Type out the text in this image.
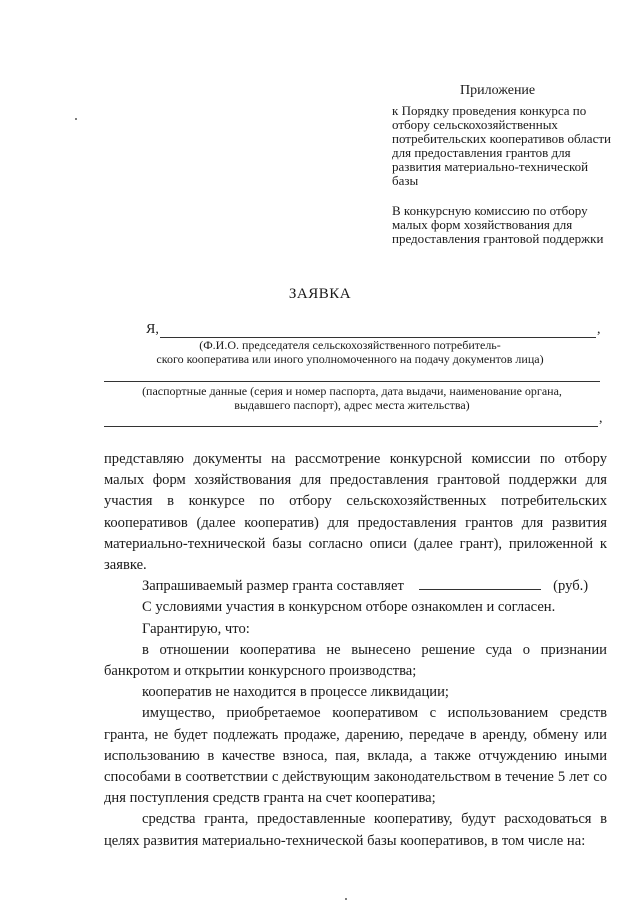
Приложение
к Порядку проведения конкурса по отбору сельскохозяйственных потребительских кооперативов области для предоставления грантов для развития материально-технической базы
В конкурсную комиссию по отбору малых форм хозяйствования для предоставления грантовой поддержки
ЗАЯВКА
Я,	,
(Ф.И.О. председателя сельскохозяйственного потребитель-
ского кооператива или иного уполномоченного на подачу документов лица)
(паспортные данные (серия и номер паспорта, дата выдачи, наименование органа,
выдавшего паспорт), адрес места жительства)
,

представляю документы на рассмотрение конкурсной комиссии по отбору малых форм хозяйствования для предоставления грантовой поддержки для участия в конкурсе по отбору сельскохозяйственных потребительских кооперативов (далее кооператив) для предоставления грантов для развития материально-технической базы согласно описи (далее грант), приложенной к заявке.

Запрашиваемый размер гранта составляет	(руб.)

С условиями участия в конкурсном отборе ознакомлен и согласен.

Гарантирую, что:

в отношении кооператива не вынесено решение суда о признании банкротом и открытии конкурсного производства;

кооператив не находится в процессе ликвидации;

имущество, приобретаемое кооперативом с использованием средств гранта, не будет подлежать продаже, дарению, передаче в аренду, обмену или использованию в качестве взноса, пая, вклада, а также отчуждению иными способами в соответствии с действующим законодательством в течение 5 лет со дня поступления средств гранта на счет кооператива;

средства гранта, предоставленные кооперативу, будут расходоваться в целях развития материально-технической базы кооперативов, в том числе на:
